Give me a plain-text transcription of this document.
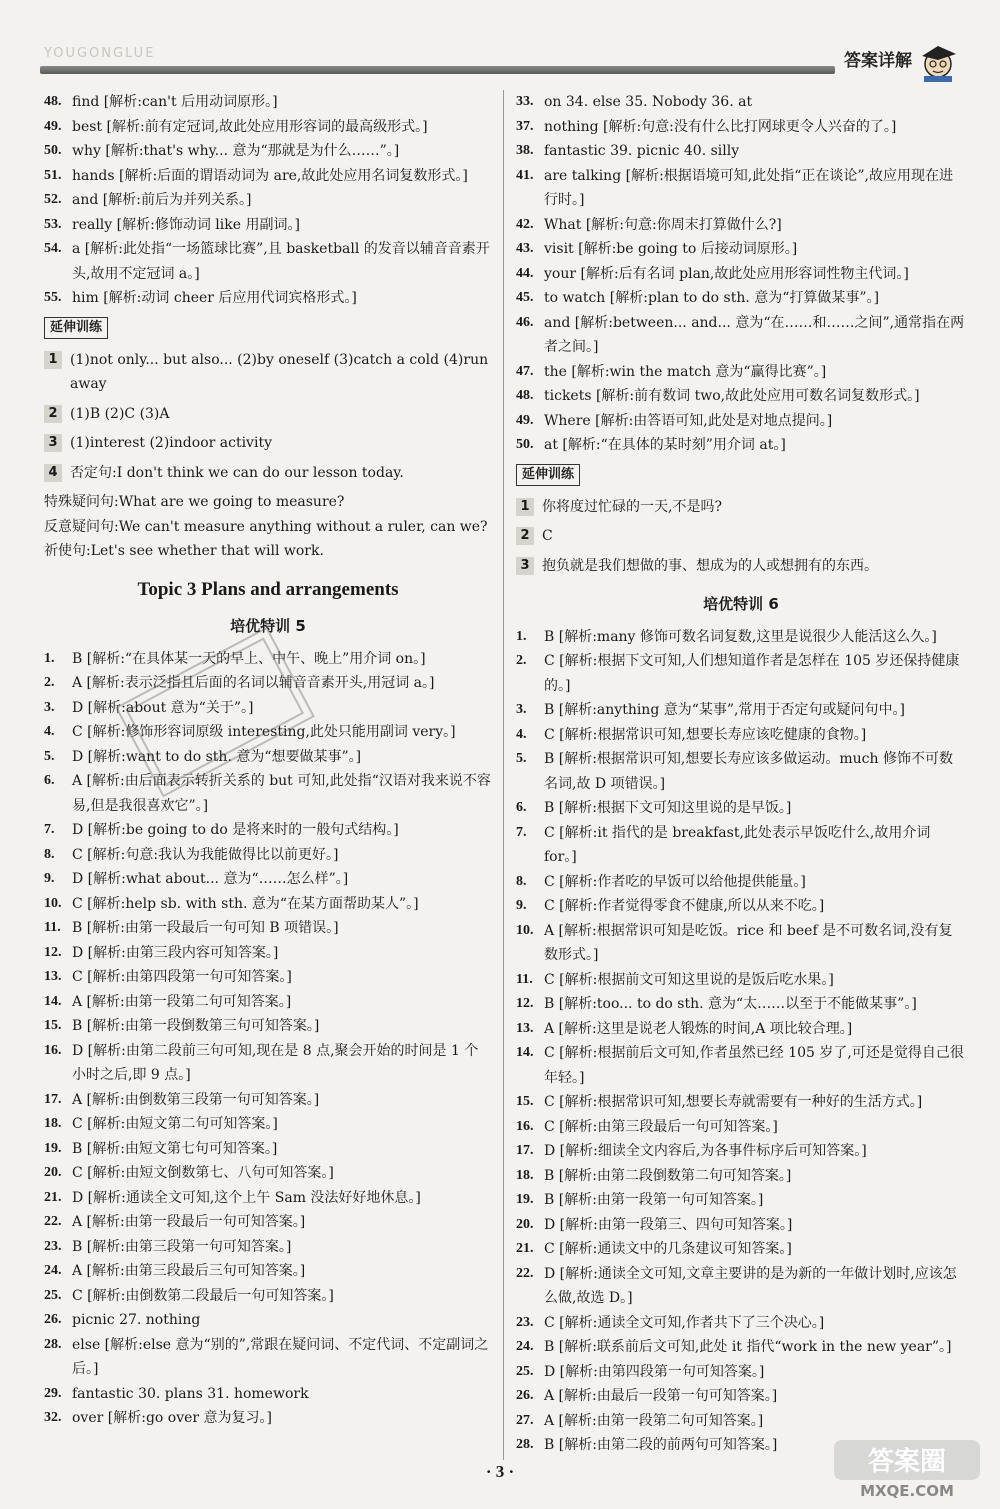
YOUGONGLUE	答案详解
48. find [解析:can't 后用动词原形。]
49. best [解析:前有定冠词,故此处应用形容词的最高级形式。]
50. why [解析:that's why... 意为“那就是为什么……”。]
51. hands [解析:后面的谓语动词为 are,故此处应用名词复数形式。]
52. and [解析:前后为并列关系。]
53. really [解析:修饰动词 like 用副词。]
54. a [解析:此处指“一场篮球比赛”,且 basketball 的发音以辅音音素开头,故用不定冠词 a。]
55. him [解析:动词 cheer 后应用代词宾格形式。]
延伸训练
1 (1)not only... but also... (2)by oneself (3)catch a cold (4)run away
2 (1)B (2)C (3)A
3 (1)interest (2)indoor activity
4 否定句:I don't think we can do our lesson today.
特殊疑问句:What are we going to measure?
反意疑问句:We can't measure anything without a ruler, can we?
祈使句:Let's see whether that will work.
Topic 3 Plans and arrangements
培优特训 5
1. B [解析:“在具体某一天的早上、中午、晚上”用介词 on。]
2. A [解析:表示泛指且后面的名词以辅音音素开头,用冠词 a。]
3. D [解析:about 意为“关于”。]
4. C [解析:修饰形容词原级 interesting,此处只能用副词 very。]
5. D [解析:want to do sth. 意为“想要做某事”。]
6. A [解析:由后面表示转折关系的 but 可知,此处指“汉语对我来说不容易,但是我很喜欢它”。]
7. D [解析:be going to do 是将来时的一般句式结构。]
8. C [解析:句意:我认为我能做得比以前更好。]
9. D [解析:what about... 意为“……怎么样”。]
10. C [解析:help sb. with sth. 意为“在某方面帮助某人”。]
11. B [解析:由第一段最后一句可知 B 项错误。]
12. D [解析:由第三段内容可知答案。]
13. C [解析:由第四段第一句可知答案。]
14. A [解析:由第一段第二句可知答案。]
15. B [解析:由第一段倒数第三句可知答案。]
16. D [解析:由第二段前三句可知,现在是 8 点,聚会开始的时间是 1 个小时之后,即 9 点。]
17. A [解析:由倒数第三段第一句可知答案。]
18. C [解析:由短文第二句可知答案。]
19. B [解析:由短文第七句可知答案。]
20. C [解析:由短文倒数第七、八句可知答案。]
21. D [解析:通读全文可知,这个上午 Sam 没法好好地休息。]
22. A [解析:由第一段最后一句可知答案。]
23. B [解析:由第三段第一句可知答案。]
24. A [解析:由第三段最后三句可知答案。]
25. C [解析:由倒数第二段最后一句可知答案。]
26. picnic 27. nothing
28. else [解析:else 意为“别的”,常跟在疑问词、不定代词、不定副词之后。]
29. fantastic 30. plans 31. homework
32. over [解析:go over 意为复习。]
33. on 34. else 35. Nobody 36. at
37. nothing [解析:句意:没有什么比打网球更令人兴奋的了。]
38. fantastic 39. picnic 40. silly
41. are talking [解析:根据语境可知,此处指“正在谈论”,故应用现在进行时。]
42. What [解析:句意:你周末打算做什么?]
43. visit [解析:be going to 后接动词原形。]
44. your [解析:后有名词 plan,故此处应用形容词性物主代词。]
45. to watch [解析:plan to do sth. 意为“打算做某事”。]
46. and [解析:between... and... 意为“在……和……之间”,通常指在两者之间。]
47. the [解析:win the match 意为“赢得比赛”。]
48. tickets [解析:前有数词 two,故此处应用可数名词复数形式。]
49. Where [解析:由答语可知,此处是对地点提问。]
50. at [解析:“在具体的某时刻”用介词 at。]
延伸训练
1 你将度过忙碌的一天,不是吗?
2 C
3 抱负就是我们想做的事、想成为的人或想拥有的东西。
培优特训 6
1. B [解析:many 修饰可数名词复数,这里是说很少人能活这么久。]
2. C [解析:根据下文可知,人们想知道作者是怎样在 105 岁还保持健康的。]
3. B [解析:anything 意为“某事”,常用于否定句或疑问句中。]
4. C [解析:根据常识可知,想要长寿应该吃健康的食物。]
5. B [解析:根据常识可知,想要长寿应该多做运动。much 修饰不可数名词,故 D 项错误。]
6. B [解析:根据下文可知这里说的是早饭。]
7. C [解析:it 指代的是 breakfast,此处表示早饭吃什么,故用介词 for。]
8. C [解析:作者吃的早饭可以给他提供能量。]
9. C [解析:作者觉得零食不健康,所以从来不吃。]
10. A [解析:根据常识可知是吃饭。rice 和 beef 是不可数名词,没有复数形式。]
11. C [解析:根据前文可知这里说的是饭后吃水果。]
12. B [解析:too... to do sth. 意为“太……以至于不能做某事”。]
13. A [解析:这里是说老人锻炼的时间,A 项比较合理。]
14. C [解析:根据前后文可知,作者虽然已经 105 岁了,可还是觉得自己很年轻。]
15. C [解析:根据常识可知,想要长寿就需要有一种好的生活方式。]
16. C [解析:由第三段最后一句可知答案。]
17. D [解析:细读全文内容后,为各事件标序后可知答案。]
18. B [解析:由第二段倒数第二句可知答案。]
19. B [解析:由第一段第一句可知答案。]
20. D [解析:由第一段第三、四句可知答案。]
21. C [解析:通读文中的几条建议可知答案。]
22. D [解析:通读全文可知,文章主要讲的是为新的一年做计划时,应该怎么做,故选 D。]
23. C [解析:通读全文可知,作者共下了三个决心。]
24. B [解析:联系前后文可知,此处 it 指代“work in the new year”。]
25. D [解析:由第四段第一句可知答案。]
26. A [解析:由最后一段第一句可知答案。]
27. A [解析:由第一段第二句可知答案。]
28. B [解析:由第二段的前两句可知答案。]
· 3 ·	答案圈
MXQE.COM
